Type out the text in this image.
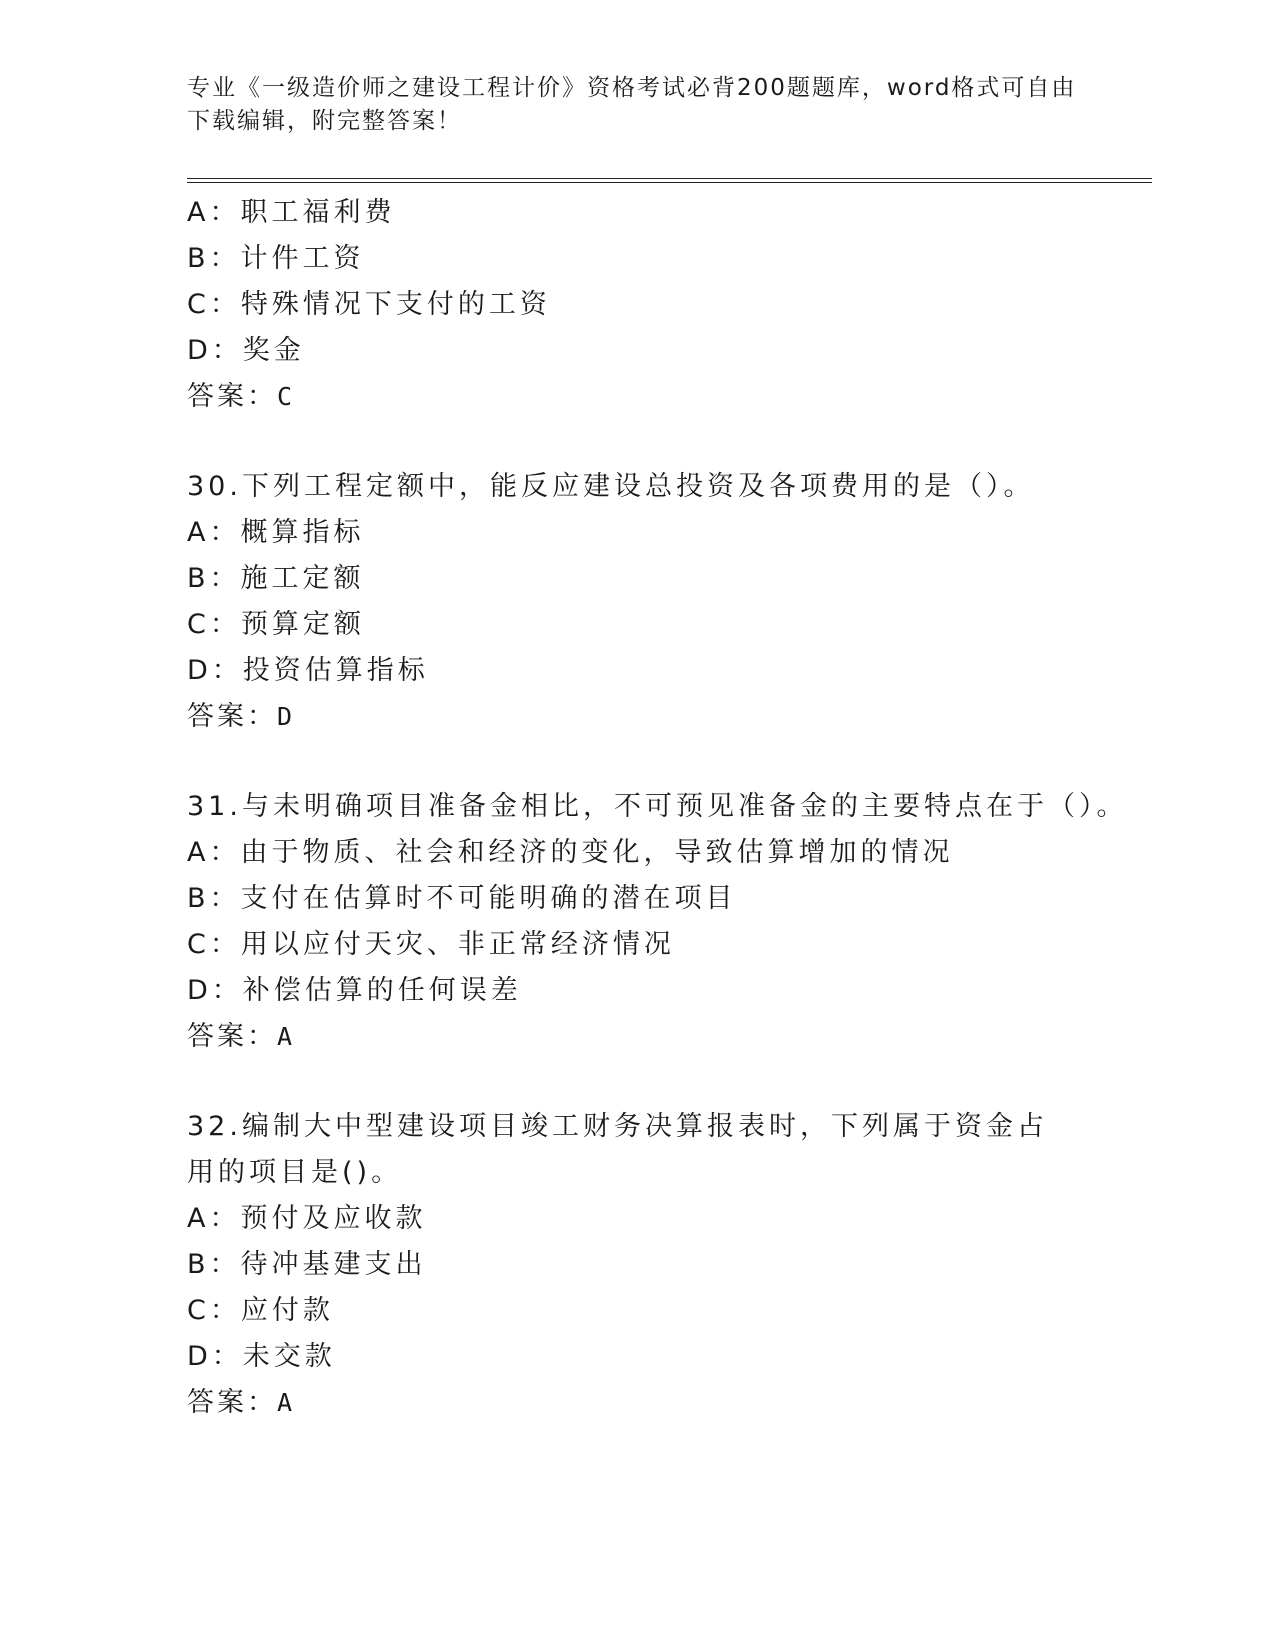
专业《一级造价师之建设工程计价》资格考试必背200题题库，word格式可自由
下载编辑，附完整答案！
A：职工福利费
B：计件工资
C：特殊情况下支付的工资
D：奖金
答案：C
30.下列工程定额中，能反应建设总投资及各项费用的是（）。
A：概算指标
B：施工定额
C：预算定额
D：投资估算指标
答案：D
31.与未明确项目准备金相比，不可预见准备金的主要特点在于（）。
A：由于物质、社会和经济的变化，导致估算增加的情况
B：支付在估算时不可能明确的潜在项目
C：用以应付天灾、非正常经济情况
D：补偿估算的任何误差
答案：A
32.编制大中型建设项目竣工财务决算报表时，下列属于资金占用的项目是()。
A：预付及应收款
B：待冲基建支出
C：应付款
D：未交款
答案：A
